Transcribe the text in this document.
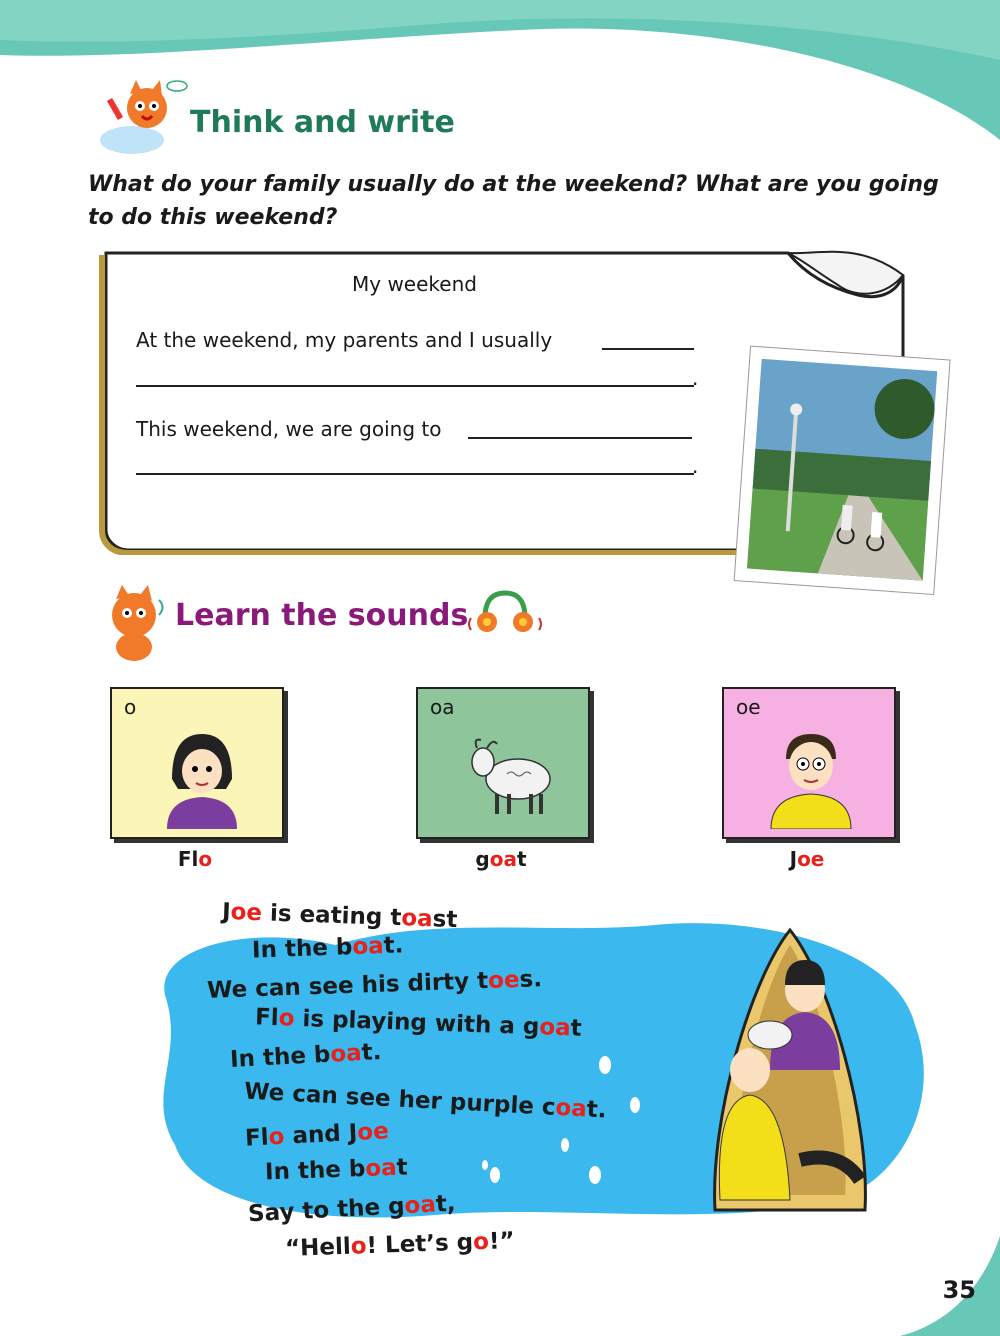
Think and write
What do your family usually do at the weekend? What are you going to do this weekend?
My weekend
At the weekend, my parents and I usually
.
This weekend, we are going to
.
Learn the sounds
o
Flo
oa
goat
oe
Joe
Joe is eating toast
In the boat.
We can see his dirty toes.
Flo is playing with a goat
In the boat.
We can see her purple coat.
Flo and Joe
In the boat
Say to the goat,
“Hello! Let’s go!”
35
